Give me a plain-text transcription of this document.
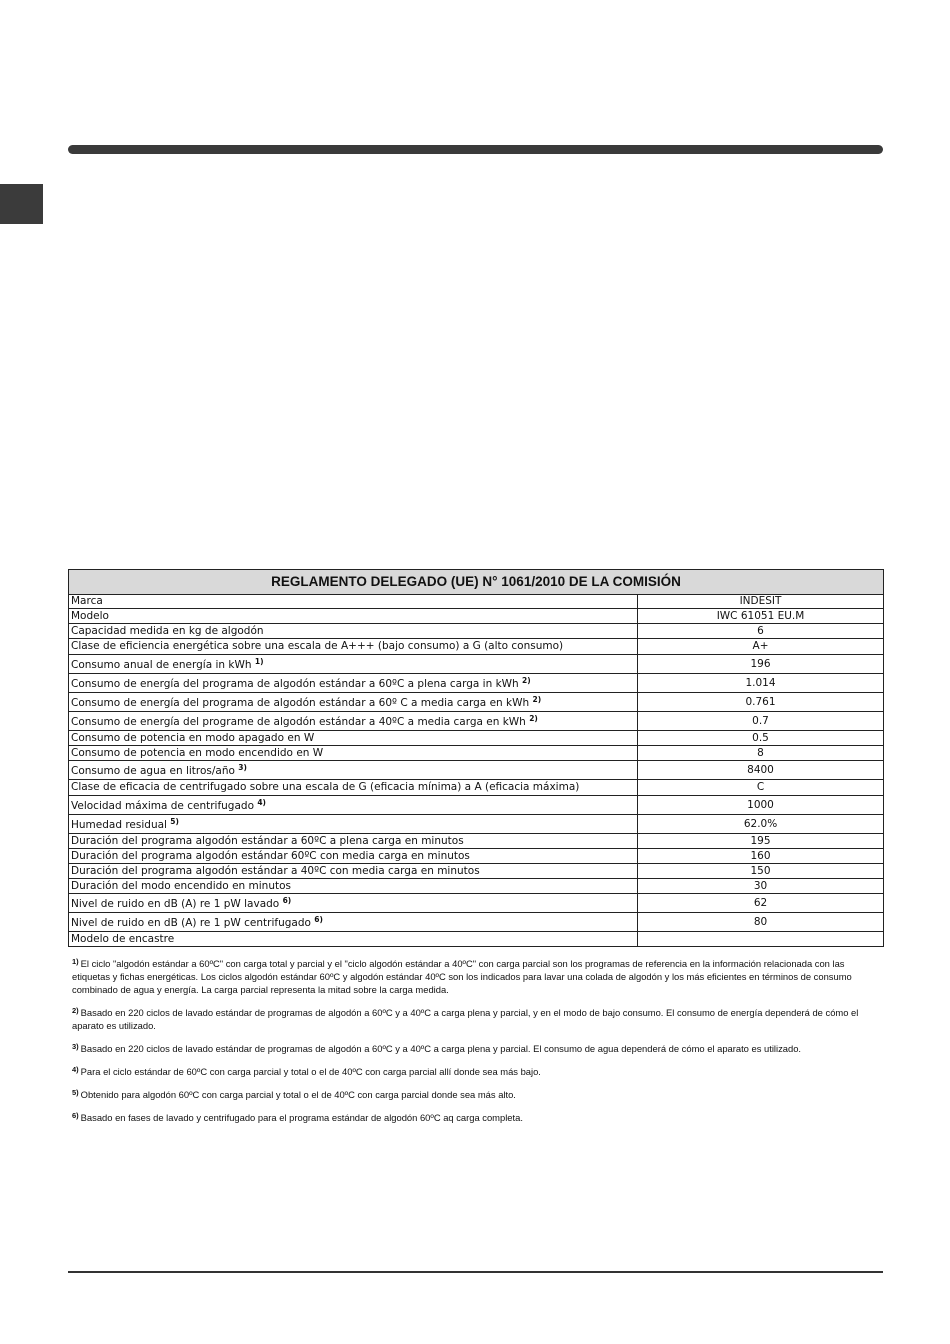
REGLAMENTO DELEGADO (UE) N° 1061/2010 DE LA COMISIÓN	
Marca	INDESIT
Modelo	IWC 61051 EU.M
Capacidad medida en kg de algodón	6
Clase de eficiencia energética sobre una escala de A+++ (bajo consumo) a G (alto consumo)	A+
Consumo anual de energía in kWh $^{1)}$	196
Consumo de energía del programa de algodón estándar a 60ºC a plena carga in kWh $^{2)}$	1.014
Consumo de energía del programa de algodón estándar a 60º C a media carga en kWh $^{2)}$	0.761
Consumo de energía del programe de algodón estándar a 40ºC a media carga en kWh $^{2)}$	0.7
Consumo de potencia en modo apagado en W	0.5
Consumo de potencia en modo encendido en W	8
Consumo de agua en litros/año $^{3)}$	8400
Clase de eficacia de centrifugado sobre una escala de G (eficacia mínima) a A (eficacia máxima)	C
Velocidad máxima de centrifugado $^{4)}$	1000
Humedad residual $^{5)}$	62.0%
Duración del programa algodón estándar a 60ºC a plena carga en minutos	195
Duración del programa algodón estándar 60ºC con media carga en minutos	160
Duración del programa algodón estándar a 40ºC con media carga en minutos	150
Duración del modo encendido en minutos	30
Nivel de ruido en dB (A) re 1 pW lavado $^{6)}$	62
Nivel de ruido en dB (A) re 1 pW centrifugado $^{6)}$	80
Modelo de encastre	
$^{1)}$ El ciclo "algodón estándar a 60ºC" con carga total y parcial y el "ciclo algodón estándar a 40ºC" con carga parcial son los programas de referencia en la información relacionada con las etiquetas y fichas energéticas. Los ciclos algodón estándar 60ºC y algodón estándar 40ºC son los indicados para lavar una colada de algodón y los más eficientes en términos de consumo combinado de agua y energía. La carga parcial representa la mitad sobre la carga medida.
$^{2)}$ Basado en 220 ciclos de lavado estándar de programas de algodón a 60ºC y a 40ºC a carga plena y parcial, y en el modo de bajo consumo. El consumo de energía dependerá de cómo el aparato es utilizado.
$^{3)}$ Basado en 220 ciclos de lavado estándar de programas de algodón a 60ºC y a 40ºC a carga plena y parcial. El consumo de agua dependerá de cómo el aparato es utilizado.
$^{4)}$ Para el ciclo estándar de 60ºC con carga parcial y total o el de 40ºC con carga parcial allí donde sea más bajo.
$^{5)}$ Obtenido para algodón 60ºC con carga parcial y total o el de 40ºC con carga parcial donde sea más alto.
$^{6)}$ Basado en fases de lavado y centrifugado para el programa estándar de algodón 60ºC aq carga completa.
